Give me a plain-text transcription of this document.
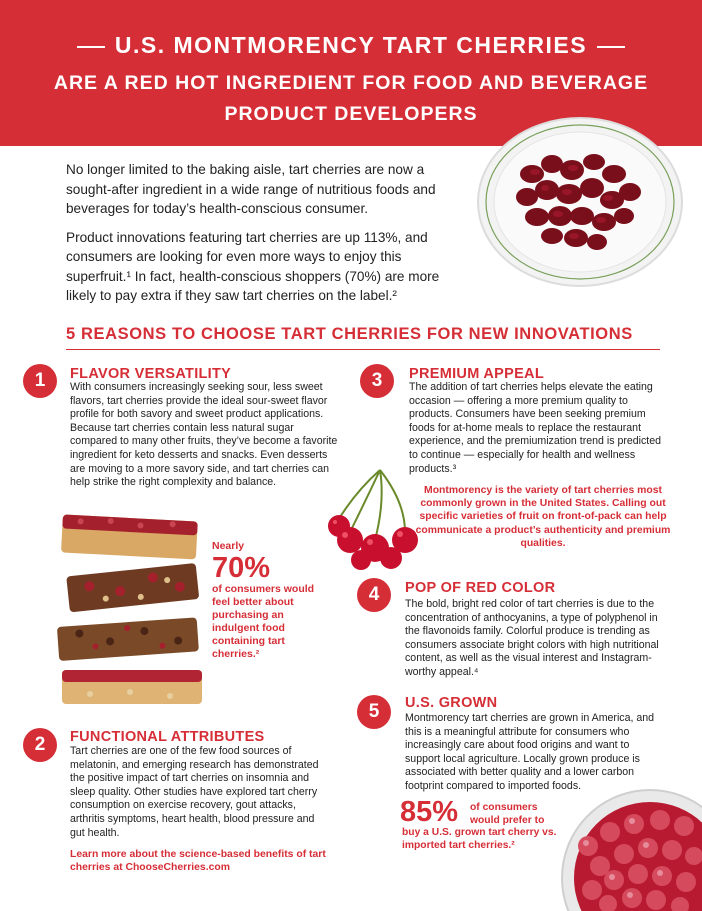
U.S. MONTMORENCY TART CHERRIES
ARE A RED HOT INGREDIENT FOR FOOD AND BEVERAGE
PRODUCT DEVELOPERS

No longer limited to the baking aisle, tart cherries are now a sought-after ingredient in a wide range of nutritious foods and beverages for today’s health-conscious consumer.

Product innovations featuring tart cherries are up 113%, and consumers are looking for even more ways to enjoy this superfruit.¹ In fact, health-conscious shoppers (70%) are more likely to pay extra if they saw tart cherries on the label.²

5 REASONS TO CHOOSE TART CHERRIES FOR NEW INNOVATIONS
1	FLAVOR VERSATILITY
With consumers increasingly seeking sour, less sweet flavors, tart cherries provide the ideal sour-sweet flavor profile for both savory and sweet product applications. Because tart cherries contain less natural sugar compared to many other fruits, they’ve become a favorite ingredient for keto desserts and snacks. Even desserts are moving to a more savory side, and tart cherries can help strike the right complexity and balance.
Nearly
70%
of consumers would feel better about purchasing an indulgent food containing tart cherries.²
2	FUNCTIONAL ATTRIBUTES
Tart cherries are one of the few food sources of melatonin, and emerging research has demonstrated the positive impact of tart cherries on insomnia and sleep quality. Other studies have explored tart cherry consumption on exercise recovery, gout attacks, arthritis symptoms, heart health, blood pressure and gut health.
Learn more about the science-based benefits of tart cherries at ChooseCherries.com
3	PREMIUM APPEAL
The addition of tart cherries helps elevate the eating occasion — offering a more premium quality to products. Consumers have been seeking premium foods for at-home meals to replace the restaurant experience, and the premiumization trend is predicted to continue — especially for health and wellness products.³
Montmorency is the variety of tart cherries most commonly grown in the United States. Calling out specific varieties of fruit on front-of-pack can help communicate a product’s authenticity and premium qualities.
4	POP OF RED COLOR
The bold, bright red color of tart cherries is due to the concentration of anthocyanins, a type of polyphenol in the flavonoids family. Colorful produce is trending as consumers associate bright colors with high nutritional content, as well as the visual interest and Instagram-worthy appeal.⁴
5	U.S. GROWN
Montmorency tart cherries are grown in America, and this is a meaningful attribute for consumers who increasingly care about food origins and want to support local agriculture. Locally grown produce is associated with better quality and a lower carbon footprint compared to imported foods.
85% of consumers would prefer to
buy a U.S. grown tart cherry vs. imported tart cherries.²
